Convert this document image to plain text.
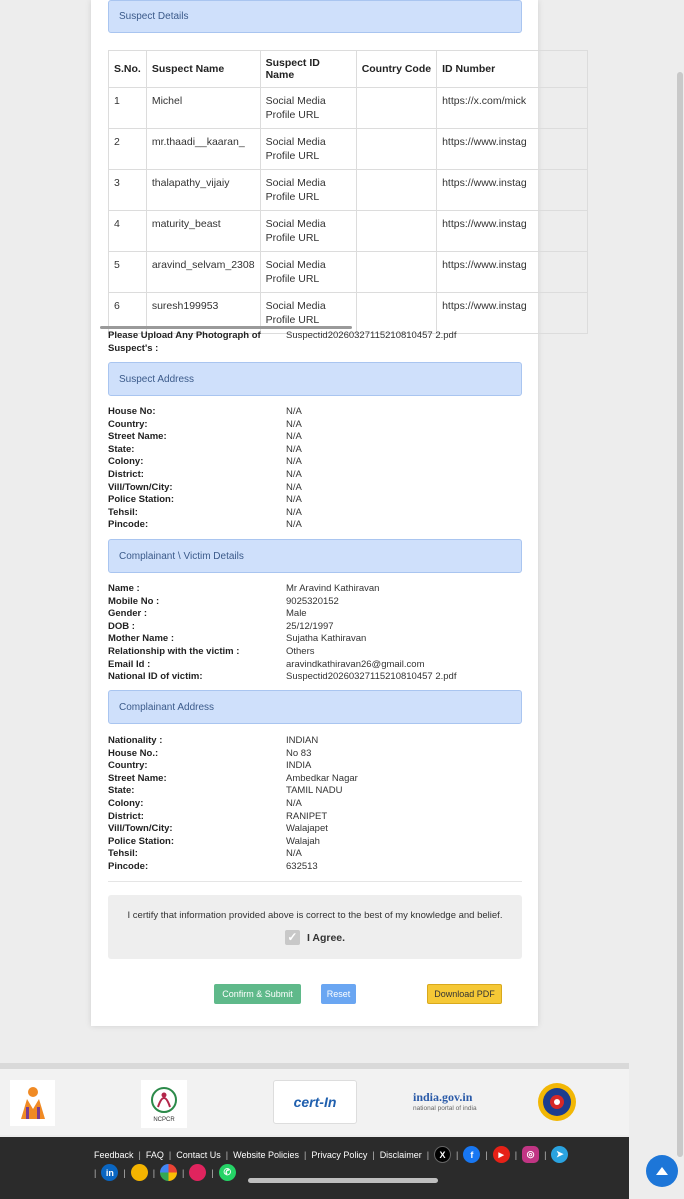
Suspect Details
S.No.	Suspect Name	Suspect ID Name	Country Code	ID Number
1	Michel	Social Media Profile URL		https://x.com/mick
2	mr.thaadi__kaaran_	Social Media Profile URL		https://www.instag
3	thalapathy_vijaiy	Social Media Profile URL		https://www.instag
4	maturity_beast	Social Media Profile URL		https://www.instag
5	aravind_selvam_2308	Social Media Profile URL		https://www.instag
6	suresh199953	Social Media Profile URL		https://www.instag
Please Upload Any Photograph of Suspect's :
Suspectid20260327115210810457 2.pdf
Suspect Address
House No:	N/A
Country:	N/A
Street Name:	N/A
State:	N/A
Colony:	N/A
District:	N/A
Vill/Town/City:	N/A
Police Station:	N/A
Tehsil:	N/A
Pincode:	N/A
Complainant \ Victim Details
Name :	Mr Aravind Kathiravan
Mobile No :	9025320152
Gender :	Male
DOB :	25/12/1997
Mother Name :	Sujatha Kathiravan
Relationship with the victim :	Others
Email Id :	aravindkathiravan26@gmail.com
National ID of victim:	Suspectid20260327115210810457 2.pdf
Complainant Address
Nationality :	INDIAN
House No.:	No 83
Country:	INDIA
Street Name:	Ambedkar Nagar
State:	TAMIL NADU
Colony:	N/A
District:	RANIPET
Vill/Town/City:	Walajapet
Police Station:	Walajah
Tehsil:	N/A
Pincode:	632513
I certify that information provided above is correct to the best of my knowledge and belief.
✓ I Agree.
Confirm & Submit	Reset	Download PDF
NCPCR
cert-In	india.gov.in
national portal of india
Feedback | FAQ | Contact Us | Website Policies | Privacy Policy | Disclaimer |	X	|	f	|	▶	|	◎	|	➤
|	in	|	|	|	|	✆
